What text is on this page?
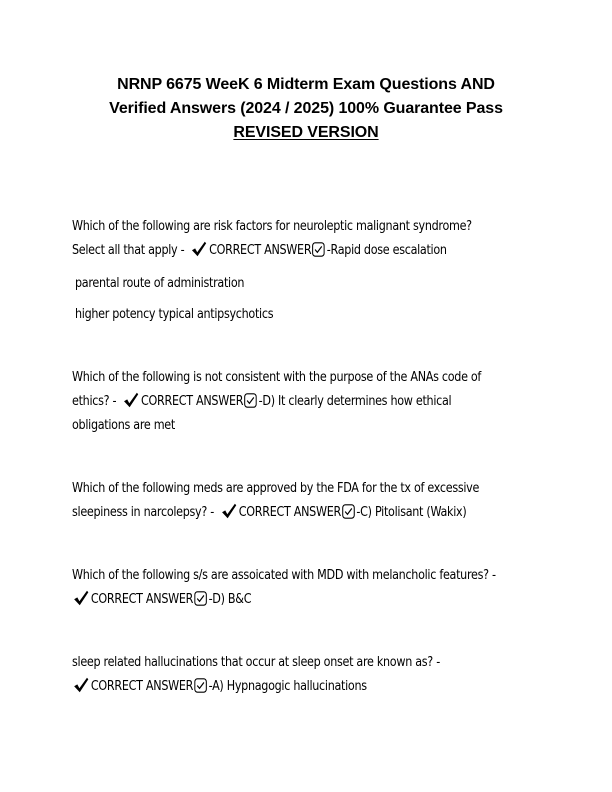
NRNP 6675 WeeK 6 Midterm Exam Questions AND
Verified Answers (2024 / 2025) 100% Guarantee Pass
REVISED VERSION
Which of the following are risk factors for neuroleptic malignant syndrome?
Select all that apply - CORRECT ANSWER -Rapid dose escalation
parental route of administration
higher potency typical antipsychotics
Which of the following is not consistent with the purpose of the ANAs code of
ethics? - CORRECT ANSWER -D) It clearly determines how ethical
obligations are met
Which of the following meds are approved by the FDA for the tx of excessive
sleepiness in narcolepsy? - CORRECT ANSWER -C) Pitolisant (Wakix)
Which of the following s/s are assoicated with MDD with melancholic features? -
CORRECT ANSWER -D) B&C
sleep related hallucinations that occur at sleep onset are known as? -
CORRECT ANSWER -A) Hypnagogic hallucinations
